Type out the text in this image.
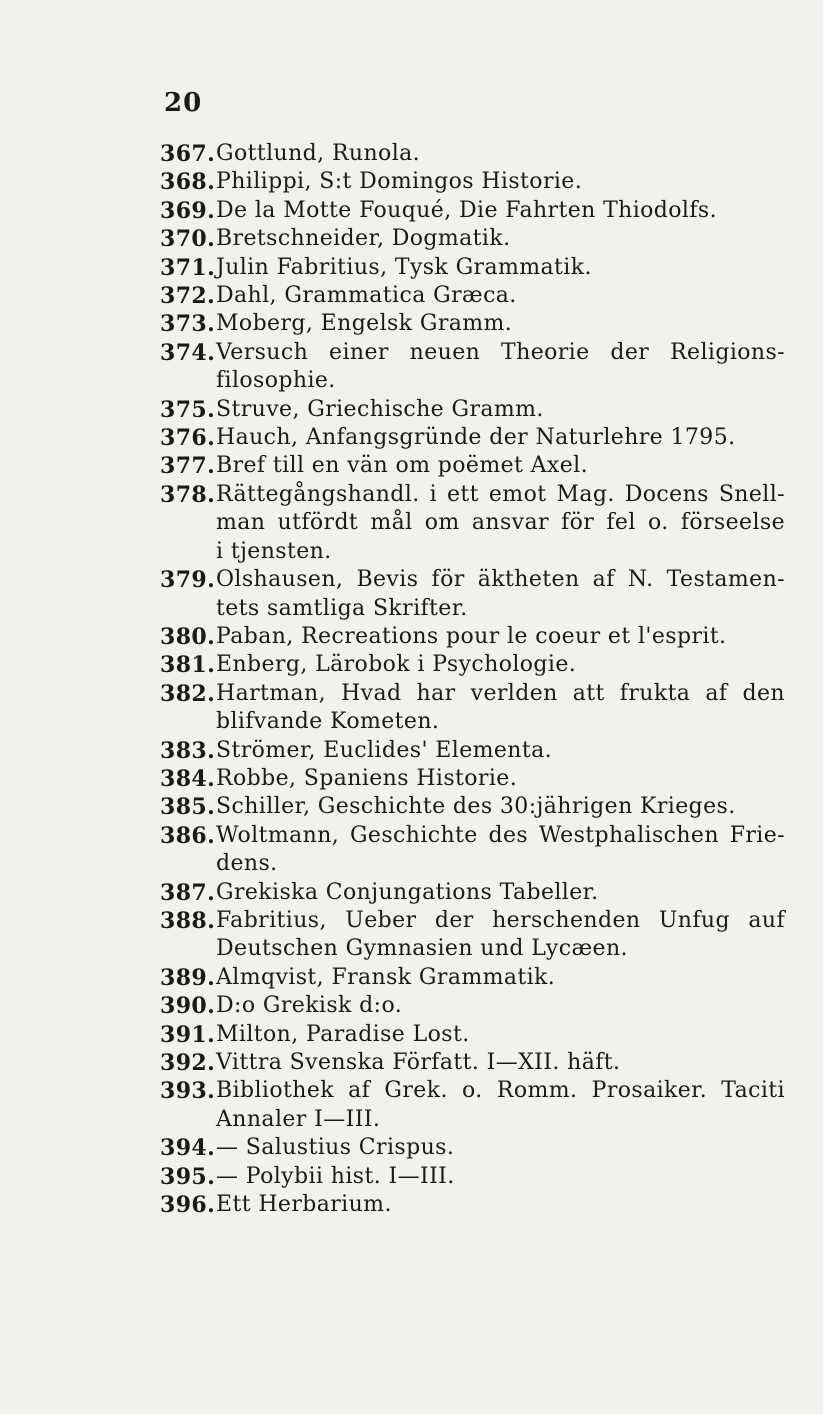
20
367. Gottlund, Runola.
368. Philippi, S:t Domingos Historie.
369. De la Motte Fouqué, Die Fahrten Thiodolfs.
370. Bretschneider, Dogmatik.
371. Julin Fabritius, Tysk Grammatik.
372. Dahl, Grammatica Græca.
373. Moberg, Engelsk Gramm.
374. Versuch einer neuen Theorie der Religions-
filosophie.
375. Struve, Griechische Gramm.
376. Hauch, Anfangsgründe der Naturlehre 1795.
377. Bref till en vän om poëmet Axel.
378. Rättegångshandl. i ett emot Mag. Docens Snell-
man utfördt mål om ansvar för fel o. förseelse
i tjensten.
379. Olshausen, Bevis för äktheten af N. Testamen-
tets samtliga Skrifter.
380. Paban, Recreations pour le coeur et l'esprit.
381. Enberg, Lärobok i Psychologie.
382. Hartman, Hvad har verlden att frukta af den
blifvande Kometen.
383. Strömer, Euclides' Elementa.
384. Robbe, Spaniens Historie.
385. Schiller, Geschichte des 30:jährigen Krieges.
386. Woltmann, Geschichte des Westphalischen Frie-
dens.
387. Grekiska Conjungations Tabeller.
388. Fabritius, Ueber der herschenden Unfug auf
Deutschen Gymnasien und Lycæen.
389. Almqvist, Fransk Grammatik.
390. D:o Grekisk d:o.
391. Milton, Paradise Lost.
392. Vittra Svenska Författ. I—XII. häft.
393. Bibliothek af Grek. o. Romm. Prosaiker. Taciti
Annaler I—III.
394. — Salustius Crispus.
395. — Polybii hist. I—III.
396. Ett Herbarium.
